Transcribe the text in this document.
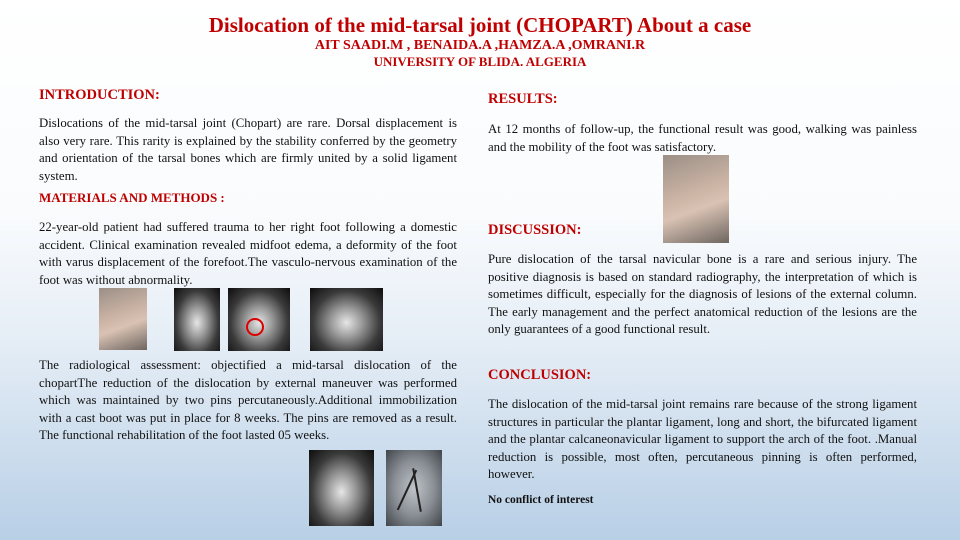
Dislocation of the mid-tarsal joint (CHOPART) About a case
AIT SAADI.M , BENAIDA.A ,HAMZA.A ,OMRANI.R
UNIVERSITY OF BLIDA. ALGERIA
INTRODUCTION:

Dislocations of the mid-tarsal joint (Chopart) are rare. Dorsal displacement is also very rare. This rarity is explained by the stability conferred by the geometry and orientation of the tarsal bones which are firmly united by a solid ligament system.

MATERIALS AND METHODS :

22-year-old patient had suffered trauma to her right foot following a domestic accident. Clinical examination revealed midfoot edema, a deformity of the foot with varus displacement of the forefoot.The vasculo-nervous examination of the foot was without abnormality.

The radiological assessment: objectified a mid-tarsal dislocation of the chopartThe reduction of the dislocation by external maneuver was performed which was maintained by two pins percutaneously.Additional immobilization with a cast boot was put in place for 8 weeks. The pins are removed as a result. The functional rehabilitation of the foot lasted 05 weeks.

RESULTS:

At 12 months of follow-up, the functional result was good, walking was painless and the mobility of the foot was satisfactory.

DISCUSSION:

Pure dislocation of the tarsal navicular bone is a rare and serious injury. The positive diagnosis is based on standard radiography, the interpretation of which is sometimes difficult, especially for the diagnosis of lesions of the external column. The early management and the perfect anatomical reduction of the lesions are the only guarantees of a good functional result.

CONCLUSION:

The dislocation of the mid-tarsal joint remains rare because of the strong ligament structures in particular the plantar ligament, long and short, the bifurcated ligament and the plantar calcaneonavicular ligament to support the arch of the foot. .Manual reduction is possible, most often, percutaneous pinning is often performed, however.

No conflict of interest
